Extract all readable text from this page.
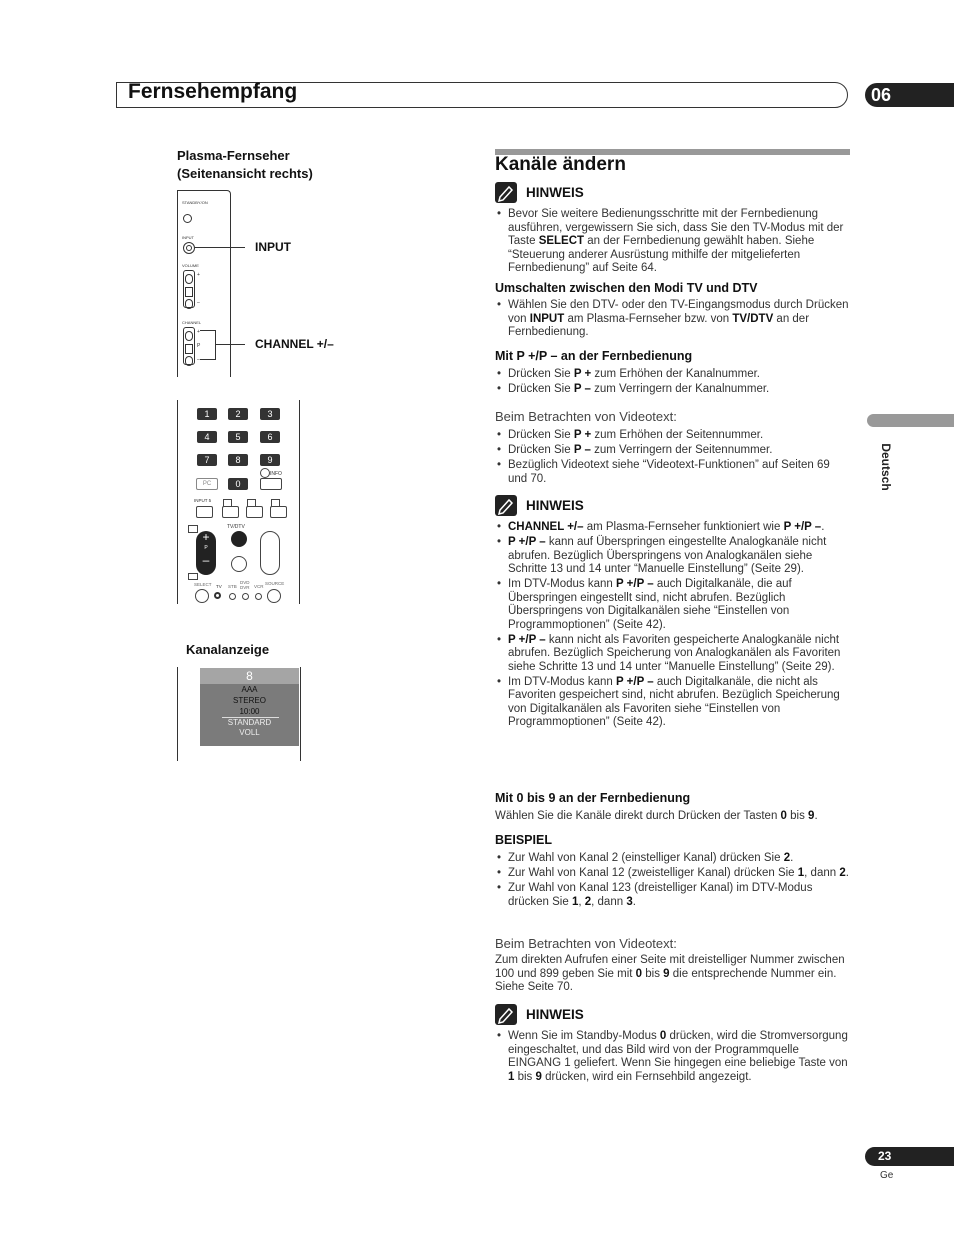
Fernsehempfang	06
Plasma-Fernseher
(Seitenansicht rechts)
STANDBY/ON
INPUT
VOLUME
+
–
CHANNEL
+
P
–
INPUT
CHANNEL +/–
1	2	3
4	5	6
7	8	9
INFO
PC	0
INPUT 5
TV/DTV
+
P
–
SELECT TV STB
DVD DVR VCR
SOURCE
Kanalanzeige
8
AAA
STEREO
10:00
STANDARD
VOLL
Kanäle ändern
HINWEIS
• Bevor Sie weitere Bedienungsschritte mit der Fernbedienung ausführen, vergewissern Sie sich, dass Sie den TV-Modus mit der Taste SELECT an der Fernbedienung gewählt haben. Siehe “Steuerung anderer Ausrüstung mithilfe der mitgelieferten Fernbedienung” auf Seite 64.
Umschalten zwischen den Modi TV und DTV
• Wählen Sie den DTV- oder den TV-Eingangsmodus durch Drücken von INPUT am Plasma-Fernseher bzw. von TV/DTV an der Fernbedienung.
Mit P +/P – an der Fernbedienung
• Drücken Sie P + zum Erhöhen der Kanalnummer.
• Drücken Sie P – zum Verringern der Kanalnummer.
Beim Betrachten von Videotext:
• Drücken Sie P + zum Erhöhen der Seitennummer.
• Drücken Sie P – zum Verringern der Seitennummer.
• Bezüglich Videotext siehe “Videotext-Funktionen” auf Seiten 69 und 70.
HINWEIS
• CHANNEL +/– am Plasma-Fernseher funktioniert wie P +/P –.
• P +/P – kann auf Überspringen eingestellte Analogkanäle nicht abrufen. Bezüglich Überspringens von Analogkanälen siehe Schritte 13 und 14 unter “Manuelle Einstellung” (Seite 29).
• Im DTV-Modus kann P +/P – auch Digitalkanäle, die auf Überspringen eingestellt sind, nicht abrufen. Bezüglich Überspringens von Digitalkanälen siehe “Einstellen von Programmoptionen” (Seite 42).
• P +/P – kann nicht als Favoriten gespeicherte Analogkanäle nicht abrufen. Bezüglich Speicherung von Analogkanälen als Favoriten siehe Schritte 13 und 14 unter “Manuelle Einstellung” (Seite 29).
• Im DTV-Modus kann P +/P – auch Digitalkanäle, die nicht als Favoriten gespeichert sind, nicht abrufen. Bezüglich Speicherung von Digitalkanälen als Favoriten siehe “Einstellen von Programmoptionen” (Seite 42).
Mit 0 bis 9 an der Fernbedienung
Wählen Sie die Kanäle direkt durch Drücken der Tasten 0 bis 9.
BEISPIEL
• Zur Wahl von Kanal 2 (einstelliger Kanal) drücken Sie 2.
• Zur Wahl von Kanal 12 (zweistelliger Kanal) drücken Sie 1, dann 2.
• Zur Wahl von Kanal 123 (dreistelliger Kanal) im DTV-Modus drücken Sie 1, 2, dann 3.
Beim Betrachten von Videotext:
Zum direkten Aufrufen einer Seite mit dreistelliger Nummer zwischen 100 und 899 geben Sie mit 0 bis 9 die entsprechende Nummer ein. Siehe Seite 70.
HINWEIS
• Wenn Sie im Standby-Modus 0 drücken, wird die Stromversorgung eingeschaltet, und das Bild wird von der Programmquelle EINGANG 1 geliefert. Wenn Sie hingegen eine beliebige Taste von 1 bis 9 drücken, wird ein Fernsehbild angezeigt.
Deutsch
23
Ge
